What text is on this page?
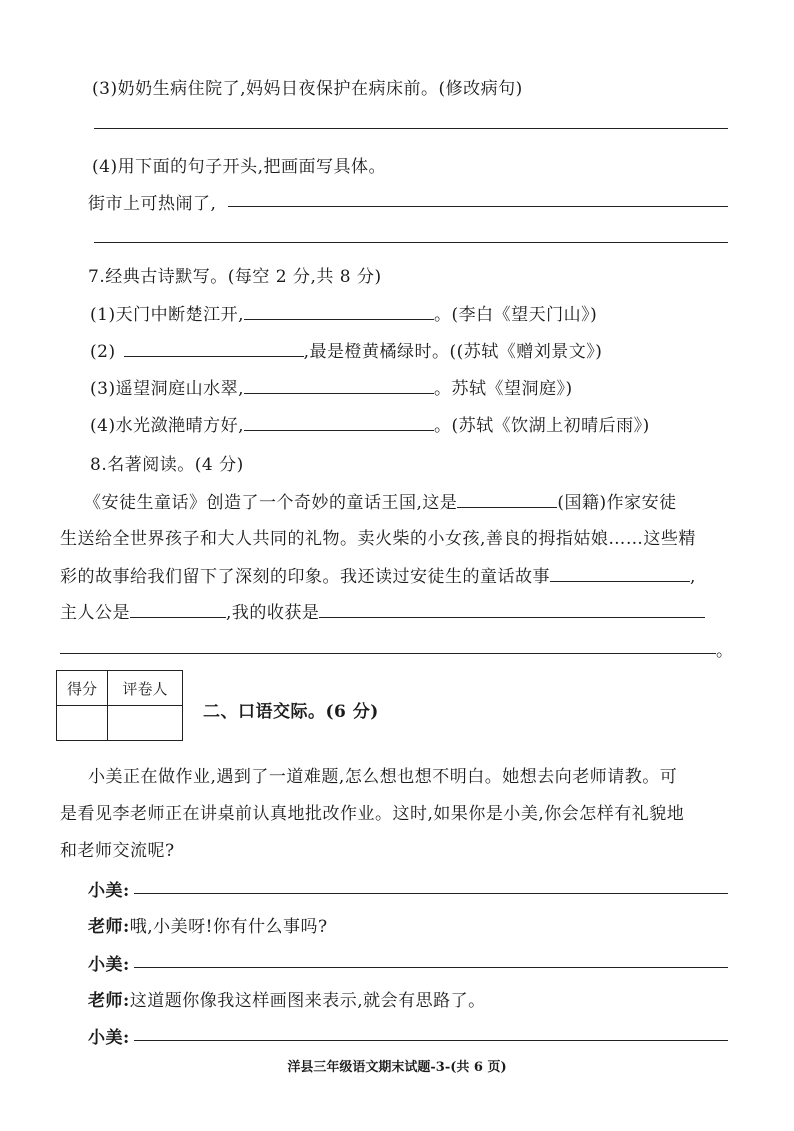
(3)奶奶生病住院了,妈妈日夜保护在病床前。(修改病句)
(4)用下面的句子开头,把画面写具体。
街市上可热闹了,
7.经典古诗默写。(每空 2 分,共 8 分)
(1)天门中断楚江开,	。(李白《望天门山》)
(2)	,最是橙黄橘绿时。((苏轼《赠刘景文》)
(3)遥望洞庭山水翠,	。苏轼《望洞庭》)
(4)水光潋滟晴方好,	。(苏轼《饮湖上初晴后雨》)
8.名著阅读。(4 分)
《安徒生童话》创造了一个奇妙的童话王国,这是	(国籍)作家安徒
生送给全世界孩子和大人共同的礼物。卖火柴的小女孩,善良的拇指姑娘……这些精
彩的故事给我们留下了深刻的印象。我还读过安徒生的童话故事	,
主人公是	,我的收获是
。
得分	评卷人

二、口语交际。(6 分)
小美正在做作业,遇到了一道难题,怎么想也想不明白。她想去向老师请教。可
是看见李老师正在讲桌前认真地批改作业。这时,如果你是小美,你会怎样有礼貌地
和老师交流呢?
小美:
老师:哦,小美呀!你有什么事吗?
小美:
老师:这道题你像我这样画图来表示,就会有思路了。
小美:
洋县三年级语文期末试题-3-(共 6 页)
